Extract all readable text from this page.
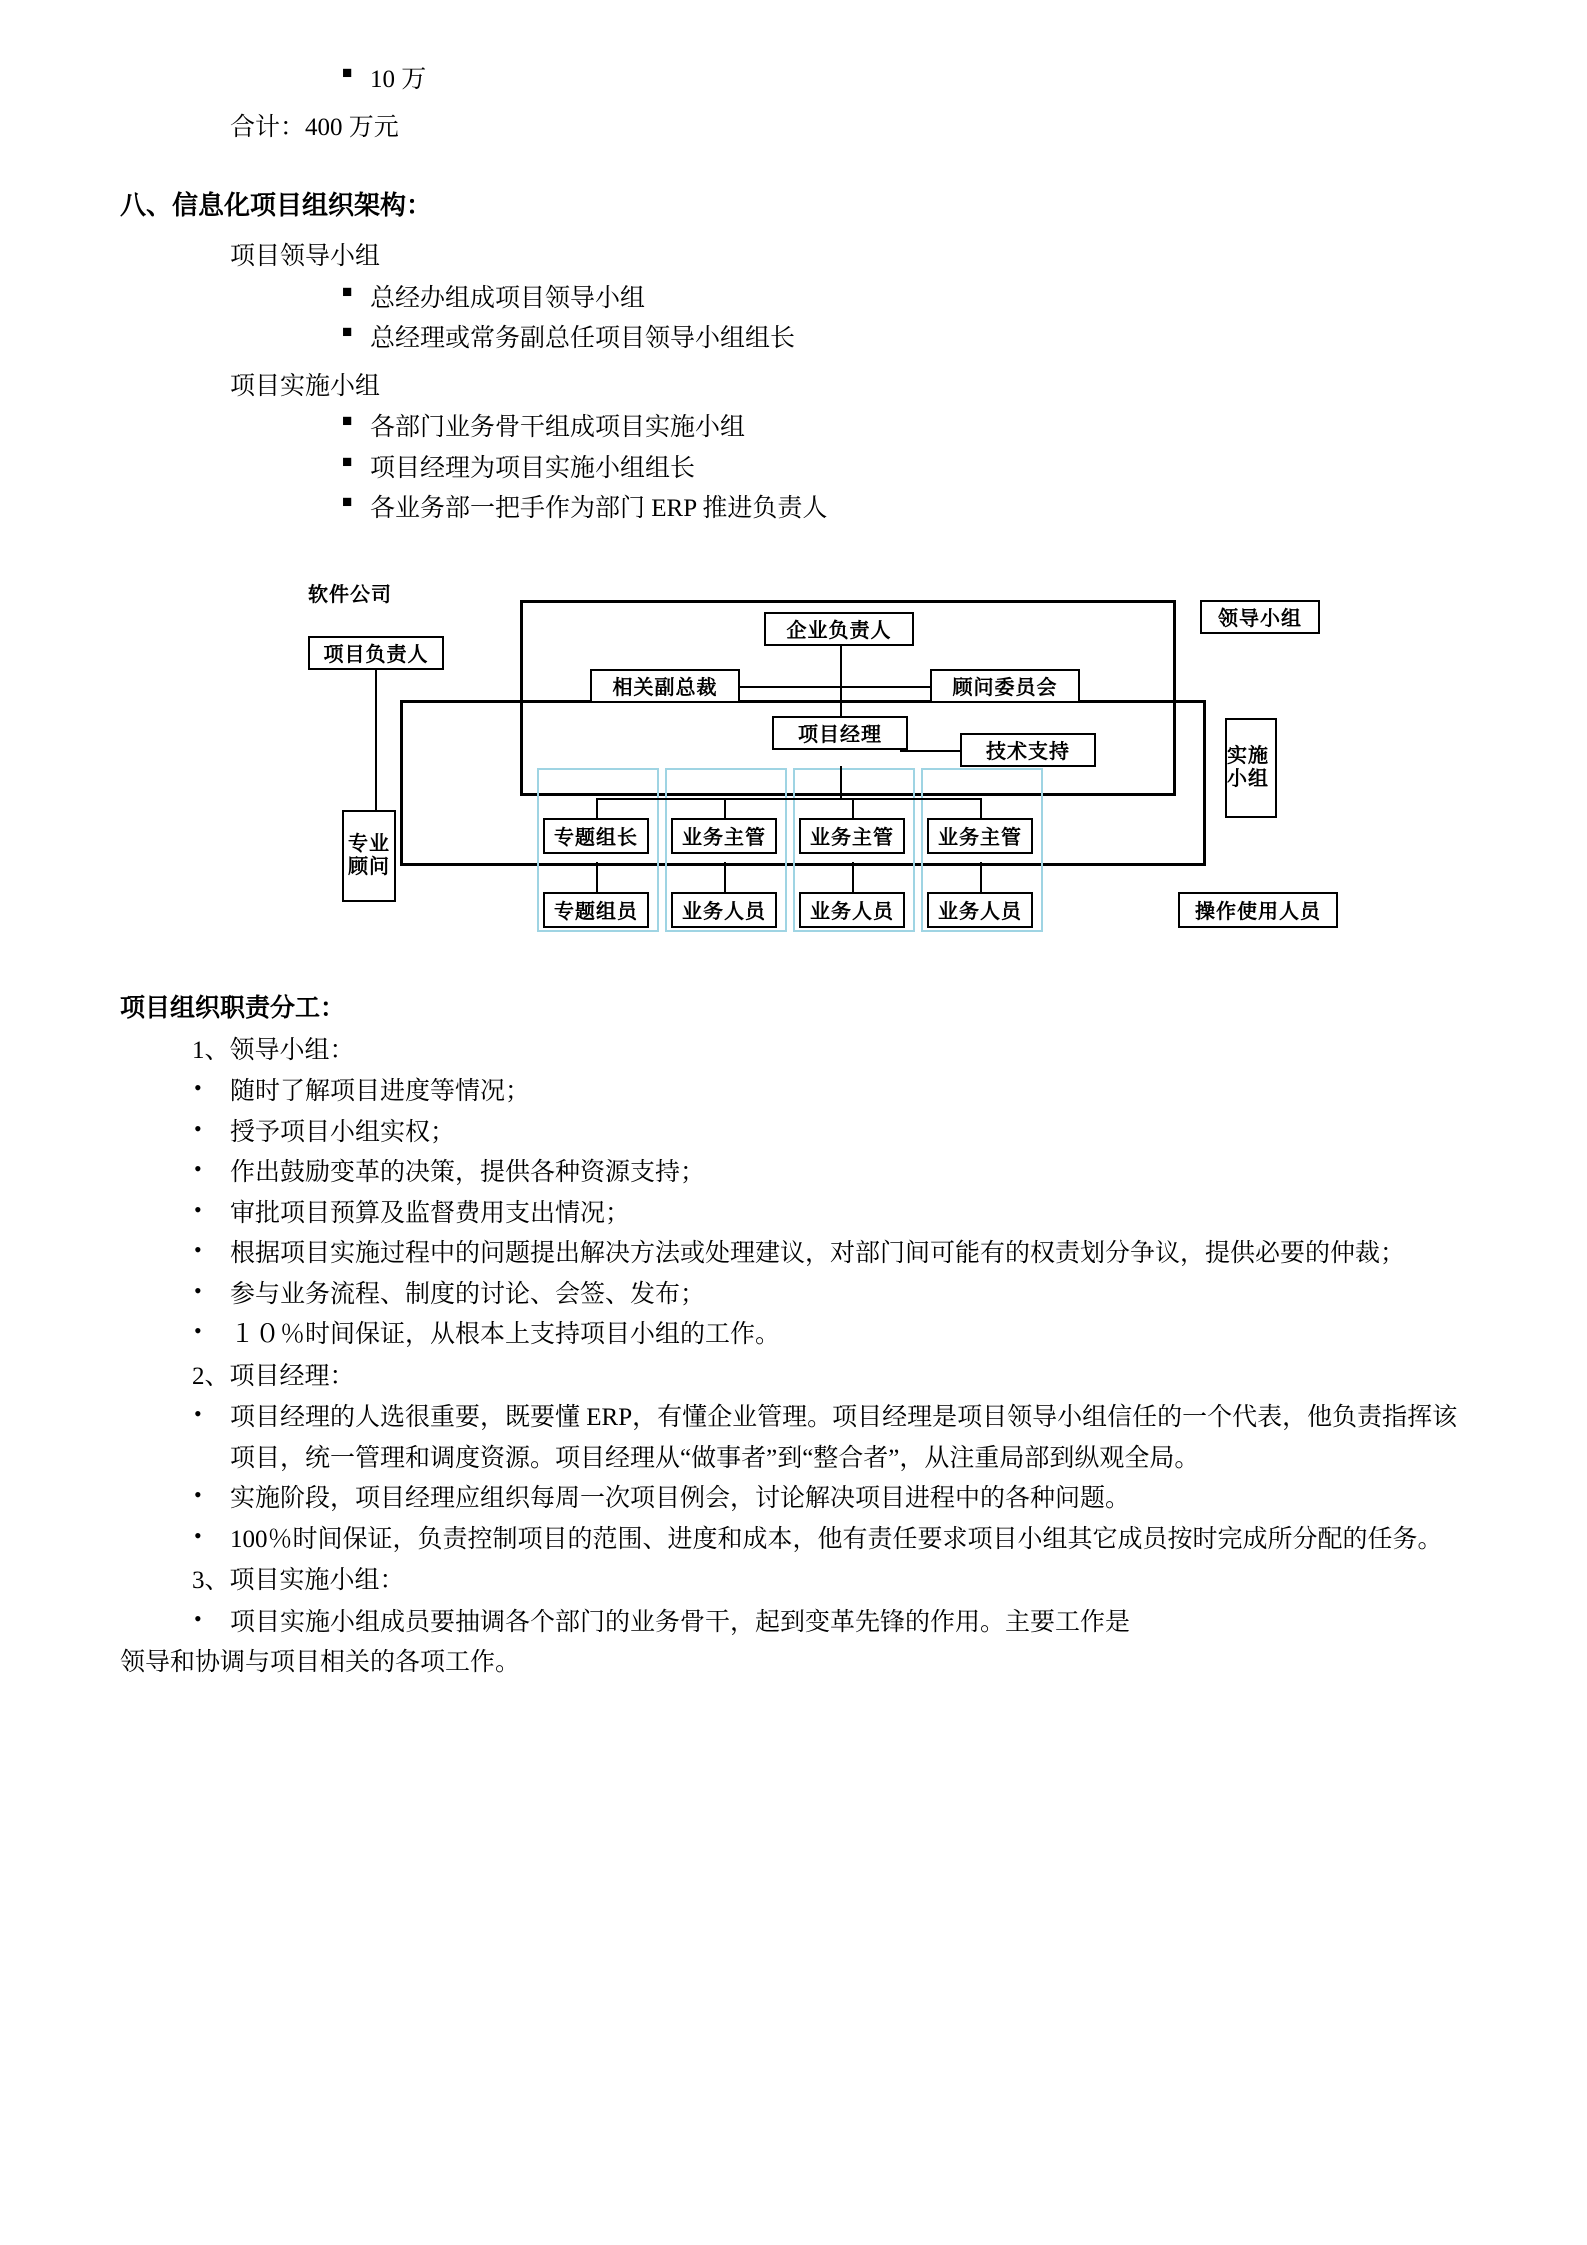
■ 10 万
合计：400 万元
八、信息化项目组织架构：
项目领导小组
■ 总经办组成项目领导小组
■ 总经理或常务副总任项目领导小组组长
项目实施小组
■ 各部门业务骨干组成项目实施小组
■ 项目经理为项目实施小组组长
■ 各业务部一把手作为部门 ERP 推进负责人
软件公司
项目负责人
专业顾问
企业负责人
相关副总裁	顾问委员会
项目经理
技术支持
专题组长	业务主管	业务主管	业务主管
专题组员	业务人员	业务人员	业务人员
领导小组
实施小组
操作使用人员
项目组织职责分工：
1、领导小组：
• 随时了解项目进度等情况；
• 授予项目小组实权；
• 作出鼓励变革的决策，提供各种资源支持；
• 审批项目预算及监督费用支出情况；
• 根据项目实施过程中的问题提出解决方法或处理建议，对部门间可能有的权责划分争议，提供必要的仲裁；
• 参与业务流程、制度的讨论、会签、发布；
• １０％时间保证，从根本上支持项目小组的工作。
2、项目经理：
• 项目经理的人选很重要，既要懂 ERP，有懂企业管理。项目经理是项目领导小组信任的一个代表，他负责指挥该项目，统一管理和调度资源。项目经理从“做事者”到“整合者”，从注重局部到纵观全局。
• 实施阶段，项目经理应组织每周一次项目例会，讨论解决项目进程中的各种问题。
• 100％时间保证，负责控制项目的范围、进度和成本，他有责任要求项目小组其它成员按时完成所分配的任务。
3、项目实施小组：
• 项目实施小组成员要抽调各个部门的业务骨干，起到变革先锋的作用。主要工作是
领导和协调与项目相关的各项工作。
